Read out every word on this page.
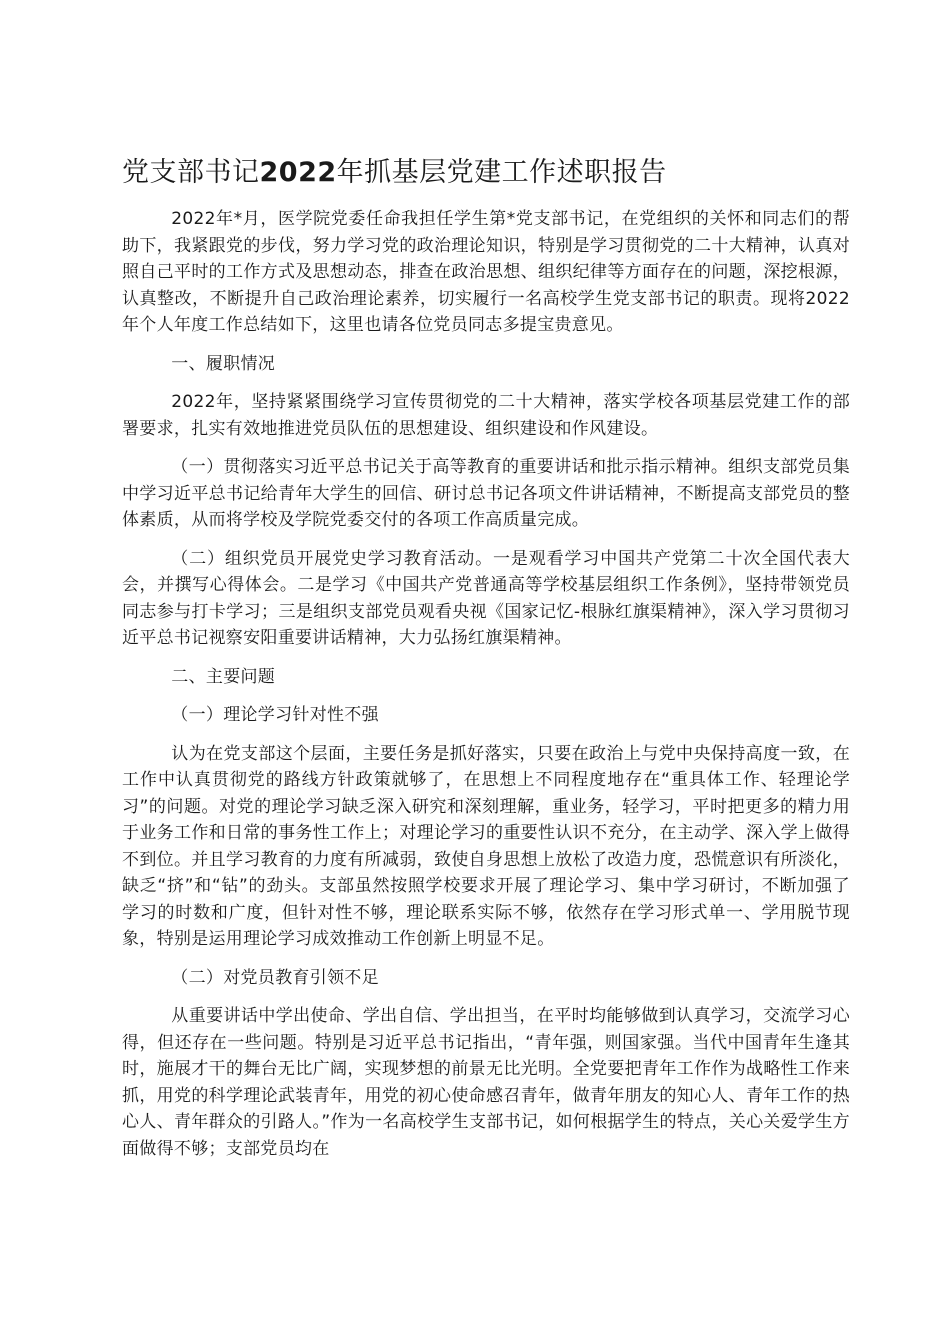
党支部书记2022年抓基层党建工作述职报告

2022年*月，医学院党委任命我担任学生第*党支部书记，在党组织的关怀和同志们的帮助下，我紧跟党的步伐，努力学习党的政治理论知识，特别是学习贯彻党的二十大精神，认真对照自己平时的工作方式及思想动态，排查在政治思想、组织纪律等方面存在的问题，深挖根源，认真整改，不断提升自己政治理论素养，切实履行一名高校学生党支部书记的职责。现将2022年个人年度工作总结如下，这里也请各位党员同志多提宝贵意见。

一、履职情况

2022年，坚持紧紧围绕学习宣传贯彻党的二十大精神，落实学校各项基层党建工作的部署要求，扎实有效地推进党员队伍的思想建设、组织建设和作风建设。

（一）贯彻落实习近平总书记关于高等教育的重要讲话和批示指示精神。组织支部党员集中学习近平总书记给青年大学生的回信、研讨总书记各项文件讲话精神，不断提高支部党员的整体素质，从而将学校及学院党委交付的各项工作高质量完成。

（二）组织党员开展党史学习教育活动。一是观看学习中国共产党第二十次全国代表大会，并撰写心得体会。二是学习《中国共产党普通高等学校基层组织工作条例》，坚持带领党员同志参与打卡学习；三是组织支部党员观看央视《国家记忆-根脉红旗渠精神》，深入学习贯彻习近平总书记视察安阳重要讲话精神，大力弘扬红旗渠精神。

二、主要问题

（一）理论学习针对性不强

认为在党支部这个层面，主要任务是抓好落实，只要在政治上与党中央保持高度一致，在工作中认真贯彻党的路线方针政策就够了，在思想上不同程度地存在“重具体工作、轻理论学习”的问题。对党的理论学习缺乏深入研究和深刻理解，重业务，轻学习，平时把更多的精力用于业务工作和日常的事务性工作上；对理论学习的重要性认识不充分，在主动学、深入学上做得不到位。并且学习教育的力度有所减弱，致使自身思想上放松了改造力度，恐慌意识有所淡化，缺乏“挤”和“钻”的劲头。支部虽然按照学校要求开展了理论学习、集中学习研讨，不断加强了学习的时数和广度，但针对性不够，理论联系实际不够，依然存在学习形式单一、学用脱节现象，特别是运用理论学习成效推动工作创新上明显不足。

（二）对党员教育引领不足

从重要讲话中学出使命、学出自信、学出担当，在平时均能够做到认真学习，交流学习心得，但还存在一些问题。特别是习近平总书记指出，“青年强，则国家强。当代中国青年生逢其时，施展才干的舞台无比广阔，实现梦想的前景无比光明。全党要把青年工作作为战略性工作来抓，用党的科学理论武装青年，用党的初心使命感召青年，做青年朋友的知心人、青年工作的热心人、青年群众的引路人。”作为一名高校学生支部书记，如何根据学生的特点，关心关爱学生方面做得不够；支部党员均在
